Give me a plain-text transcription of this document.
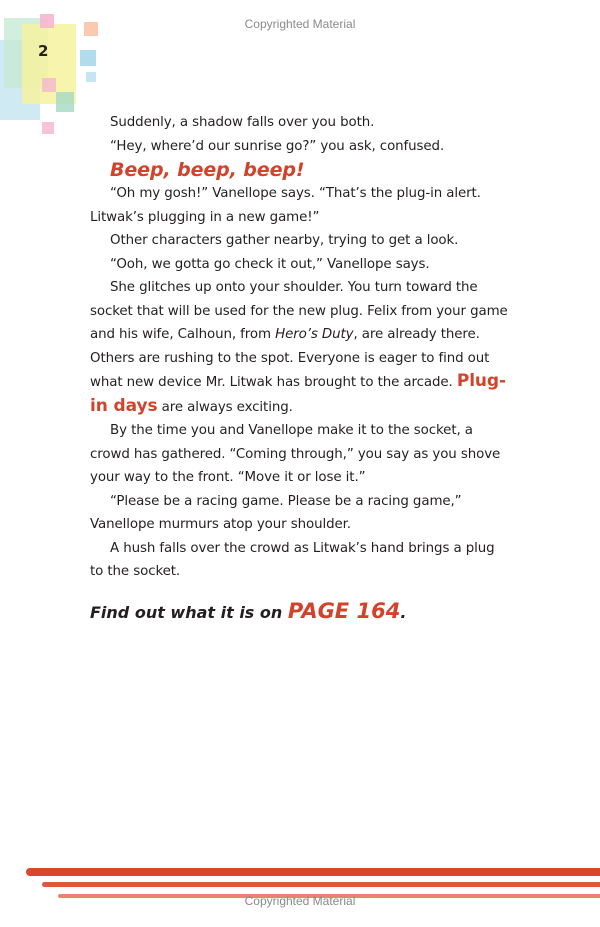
Copyrighted Material
2

Suddenly, a shadow falls over you both.

“Hey, where’d our sunrise go?” you ask, confused.

Beep, beep, beep!

“Oh my gosh!” Vanellope says. “That’s the plug-in alert. Litwak’s plugging in a new game!”

Other characters gather nearby, trying to get a look.

“Ooh, we gotta go check it out,” Vanellope says.

She glitches up onto your shoulder. You turn toward the socket that will be used for the new plug. Felix from your game and his wife, Calhoun, from Hero’s Duty, are already there. Others are rushing to the spot. Everyone is eager to find out what new device Mr. Litwak has brought to the arcade. Plug-in days are always exciting.

By the time you and Vanellope make it to the socket, a crowd has gathered. “Coming through,” you say as you shove your way to the front. “Move it or lose it.”

“Please be a racing game. Please be a racing game,” Vanellope murmurs atop your shoulder.

A hush falls over the crowd as Litwak’s hand brings a plug to the socket.

Find out what it is on PAGE 164.
Copyrighted Material
